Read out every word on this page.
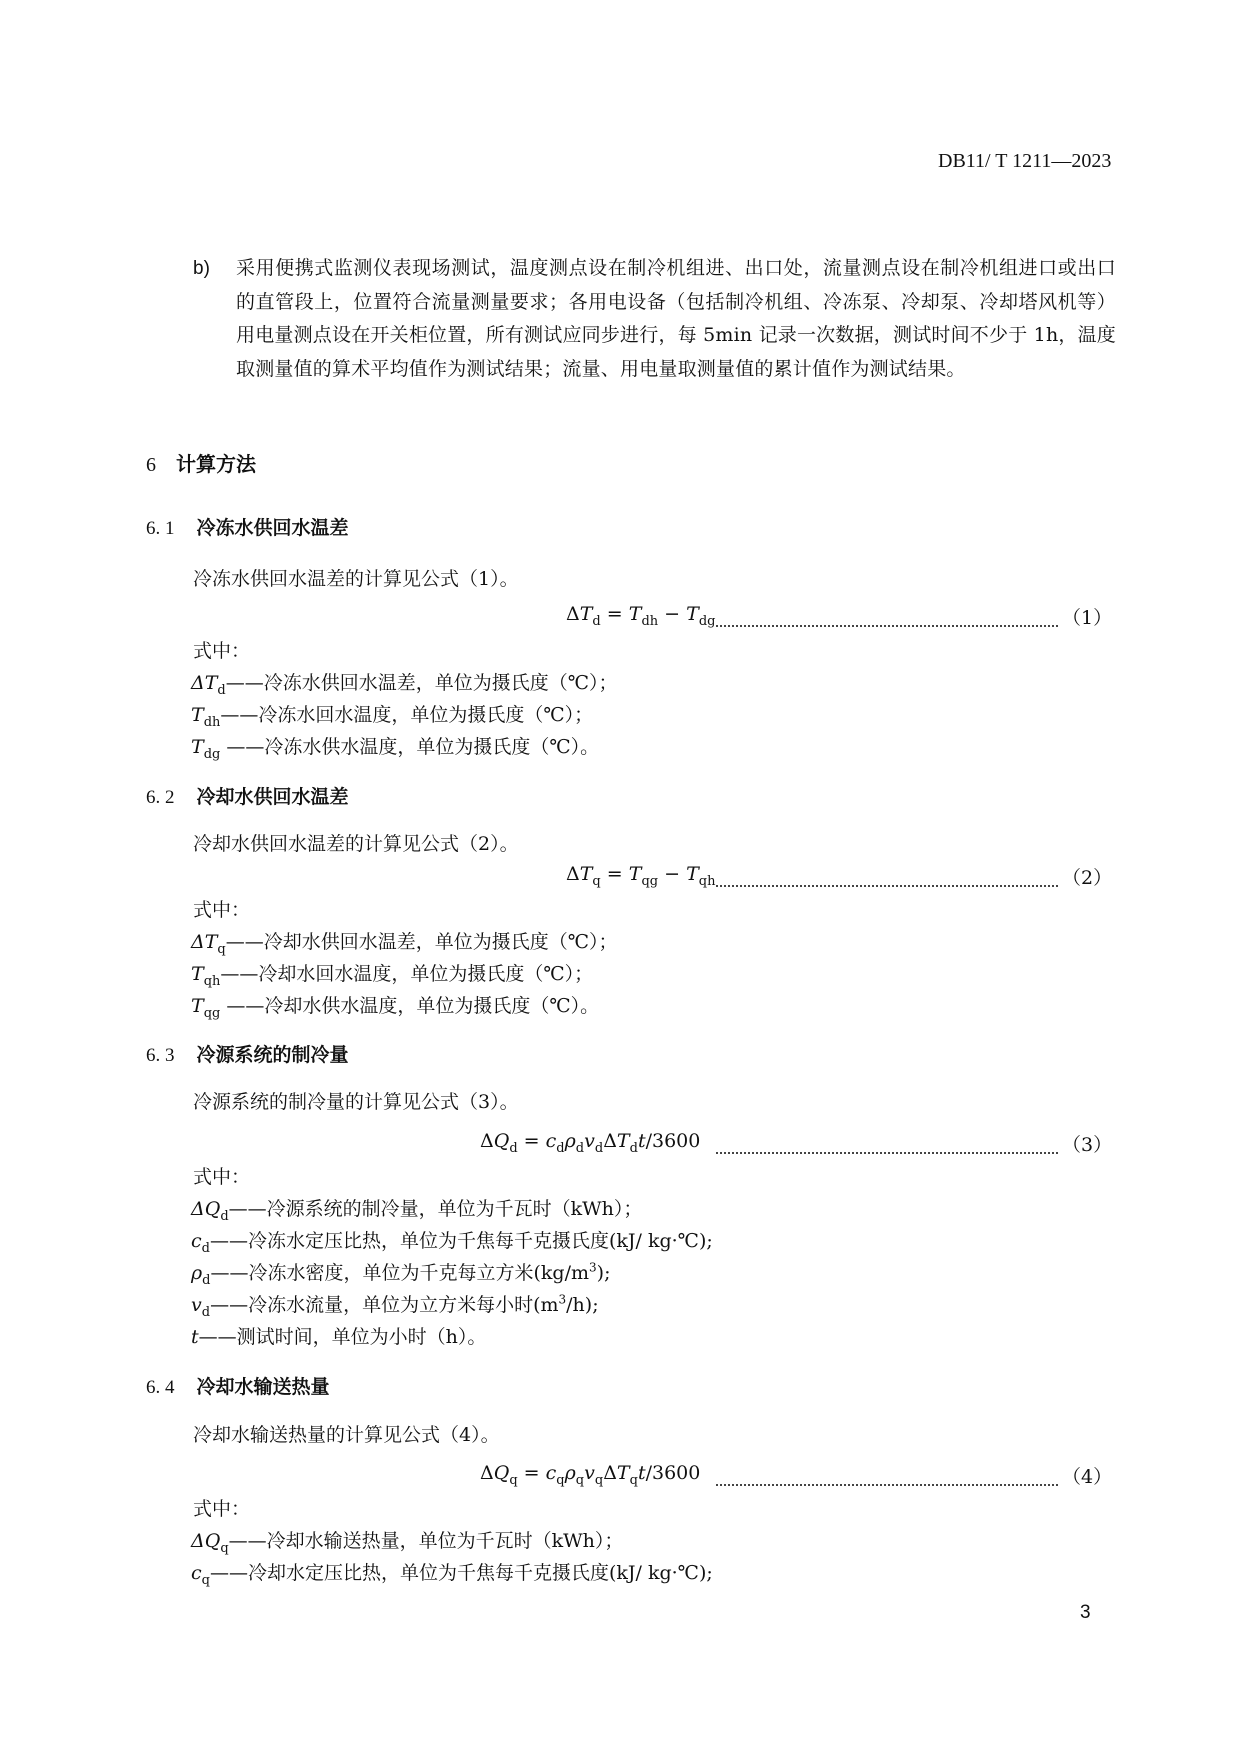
DB11/ T 1211—2023
b) 采用便携式监测仪表现场测试，温度测点设在制冷机组进、出口处，流量测点设在制冷机组进口或出口的直管段上，位置符合流量测量要求；各用电设备（包括制冷机组、冷冻泵、冷却泵、冷却塔风机等）用电量测点设在开关柜位置，所有测试应同步进行，每 5min 记录一次数据，测试时间不少于 1h，温度取测量值的算术平均值作为测试结果；流量、用电量取测量值的累计值作为测试结果。
6 计算方法
6. 1 冷冻水供回水温差
冷冻水供回水温差的计算见公式（1）。
$\Delta T_d = T_{dh} - T_{dg}$	（1）
式中：
$\Delta T_d——$冷冻水供回水温差，单位为摄氏度（℃）；
$T_{dh}——$冷冻水回水温度，单位为摄氏度（℃）；
$T_{dg}$ ——冷冻水供水温度，单位为摄氏度（℃）。
6. 2 冷却水供回水温差
冷却水供回水温差的计算见公式（2）。
$\Delta T_q = T_{qg} - T_{qh}$	（2）
式中：
$\Delta T_q——$冷却水供回水温差，单位为摄氏度（℃）；
$T_{qh}——$冷却水回水温度，单位为摄氏度（℃）；
$T_{qg}$ ——冷却水供水温度，单位为摄氏度（℃）。
6. 3 冷源系统的制冷量
冷源系统的制冷量的计算见公式（3）。
$\Delta Q_d = c_d\rho_dv_d\Delta T_dt/3600$	（3）
式中：
$\Delta Q_d——$冷源系统的制冷量，单位为千瓦时（kWh）；
$c_d——$冷冻水定压比热，单位为千焦每千克摄氏度(kJ/ kg·℃);
$\rho_d——$冷冻水密度，单位为千克每立方米$(kg/m^3)$;
$v_d——$冷冻水流量，单位为立方米每小时$(m^3/h)$;
t——测试时间，单位为小时（h）。
6. 4 冷却水输送热量
冷却水输送热量的计算见公式（4）。
$\Delta Q_q = c_q\rho_qv_q\Delta T_qt/3600$	（4）
式中：
$\Delta Q_q——$冷却水输送热量，单位为千瓦时（kWh）；
$c_q——$冷却水定压比热，单位为千焦每千克摄氏度(kJ/ kg·℃);
3
